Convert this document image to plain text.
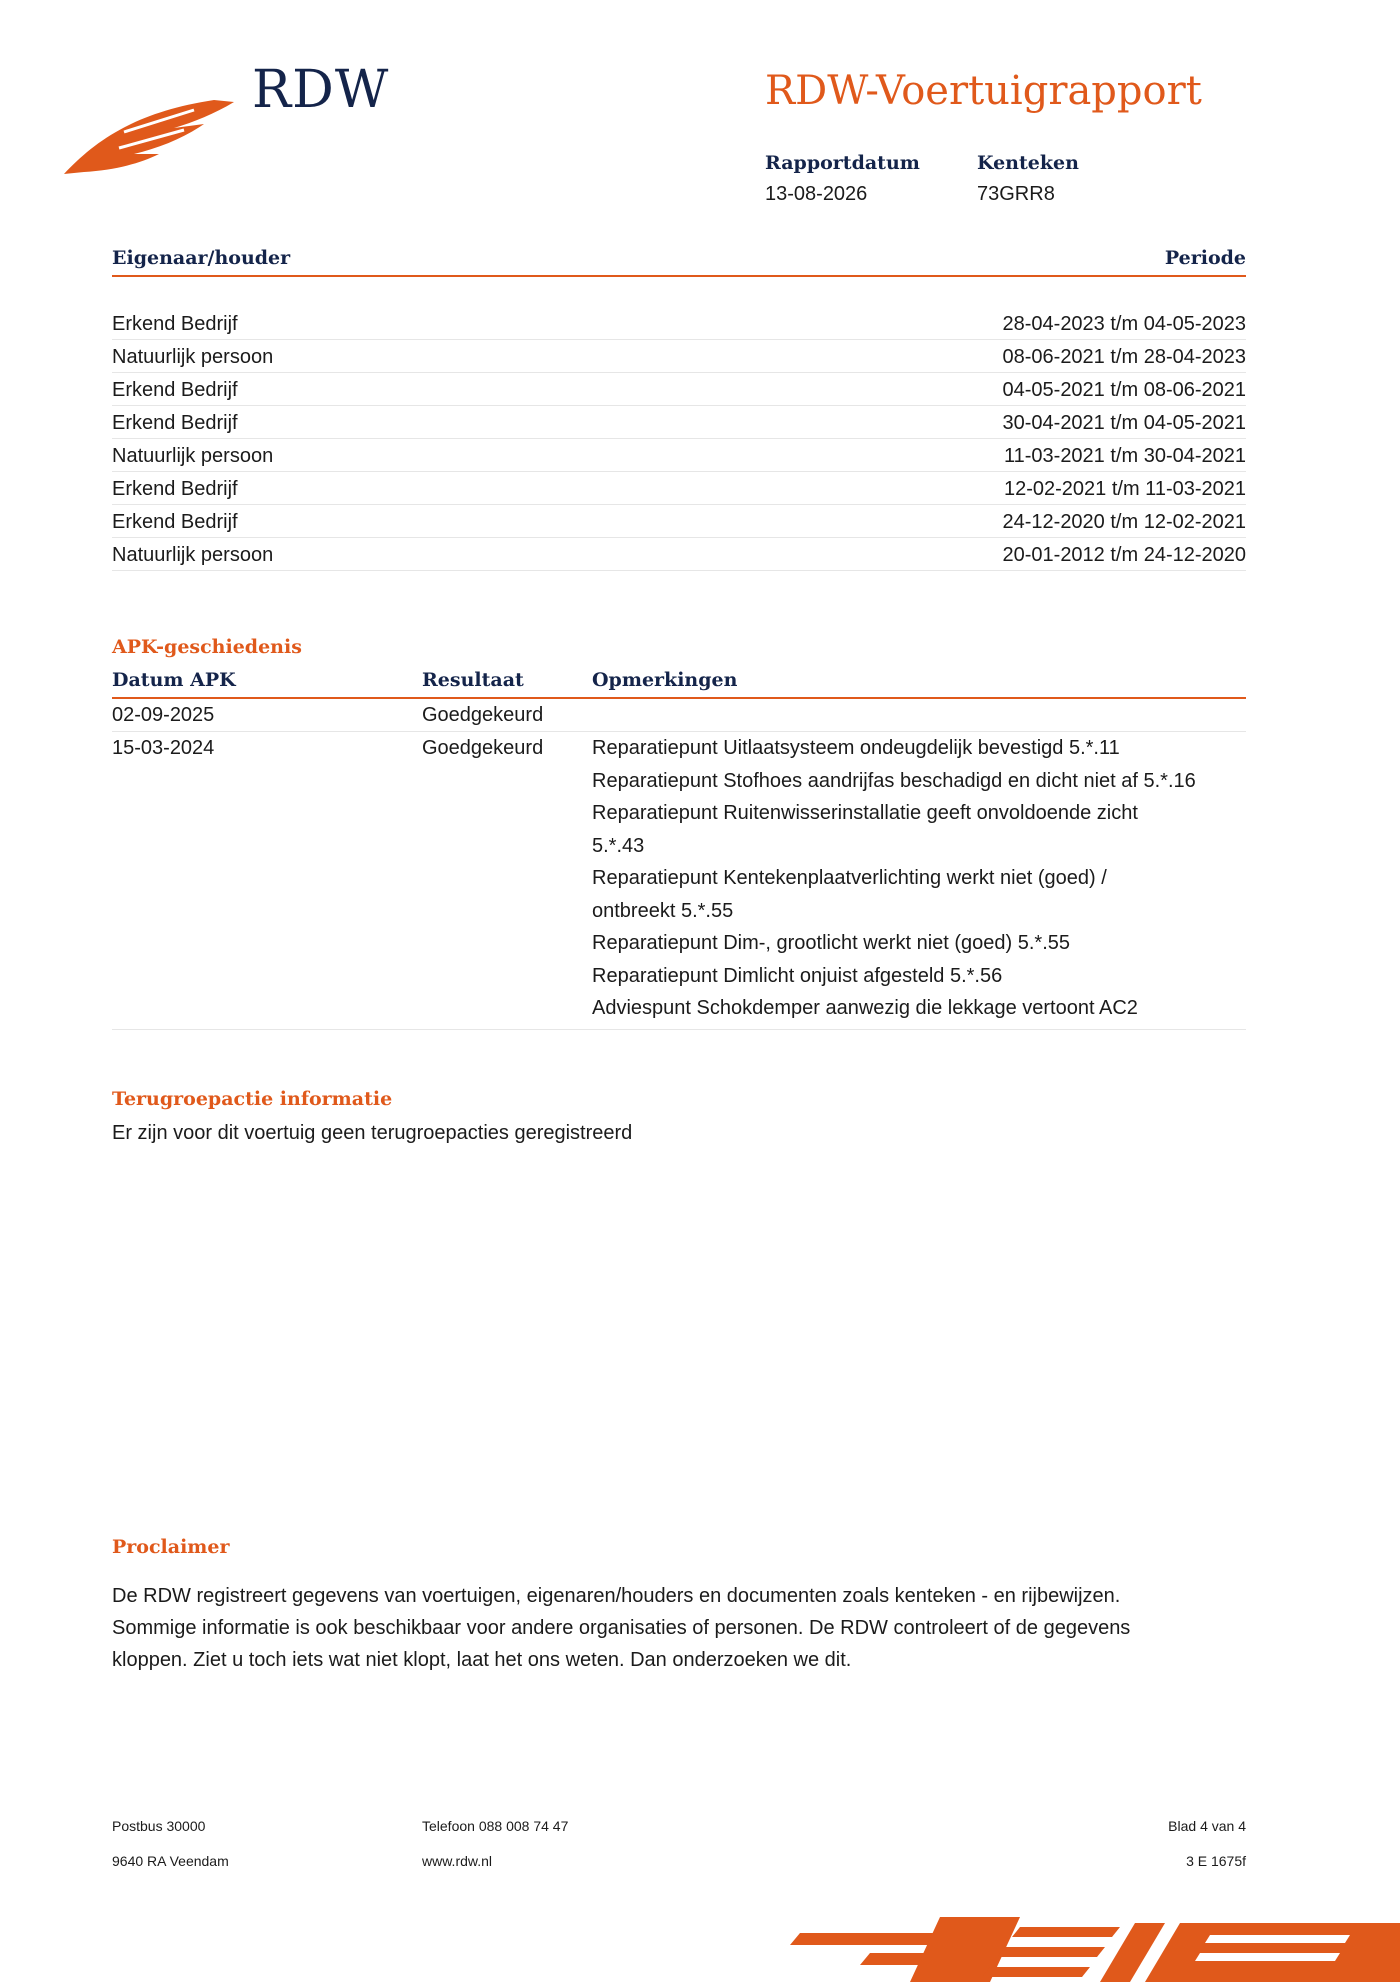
RDW	RDW-Voertuigrapport
Rapportdatum
13-08-2026
Kenteken
73GRR8
Eigenaar/houder	Periode
Erkend Bedrijf	28-04-2023 t/m 04-05-2023
Natuurlijk persoon	08-06-2021 t/m 28-04-2023
Erkend Bedrijf	04-05-2021 t/m 08-06-2021
Erkend Bedrijf	30-04-2021 t/m 04-05-2021
Natuurlijk persoon	11-03-2021 t/m 30-04-2021
Erkend Bedrijf	12-02-2021 t/m 11-03-2021
Erkend Bedrijf	24-12-2020 t/m 12-02-2021
Natuurlijk persoon	20-01-2012 t/m 24-12-2020
APK-geschiedenis
Datum APK	Resultaat	Opmerkingen
02-09-2025	Goedgekeurd
15-03-2024	Goedgekeurd Reparatiepunt Uitlaatsysteem ondeugdelijk bevestigd 5.*.11
Reparatiepunt Stofhoes aandrijfas beschadigd en dicht niet af 5.*.16
Reparatiepunt Ruitenwisserinstallatie geeft onvoldoende zicht
5.*.43
Reparatiepunt Kentekenplaatverlichting werkt niet (goed) /
ontbreekt 5.*.55
Reparatiepunt Dim-, grootlicht werkt niet (goed) 5.*.55
Reparatiepunt Dimlicht onjuist afgesteld 5.*.56
Adviespunt Schokdemper aanwezig die lekkage vertoont AC2
Terugroepactie informatie
Er zijn voor dit voertuig geen terugroepacties geregistreerd
Proclaimer
De RDW registreert gegevens van voertuigen, eigenaren/houders en documenten zoals kenteken - en rijbewijzen.
Sommige informatie is ook beschikbaar voor andere organisaties of personen. De RDW controleert of de gegevens
kloppen. Ziet u toch iets wat niet klopt, laat het ons weten. Dan onderzoeken we dit.
Postbus 30000
9640 RA Veendam
Telefoon 088 008 74 47
www.rdw.nl
Blad 4 van 4
3 E 1675f
